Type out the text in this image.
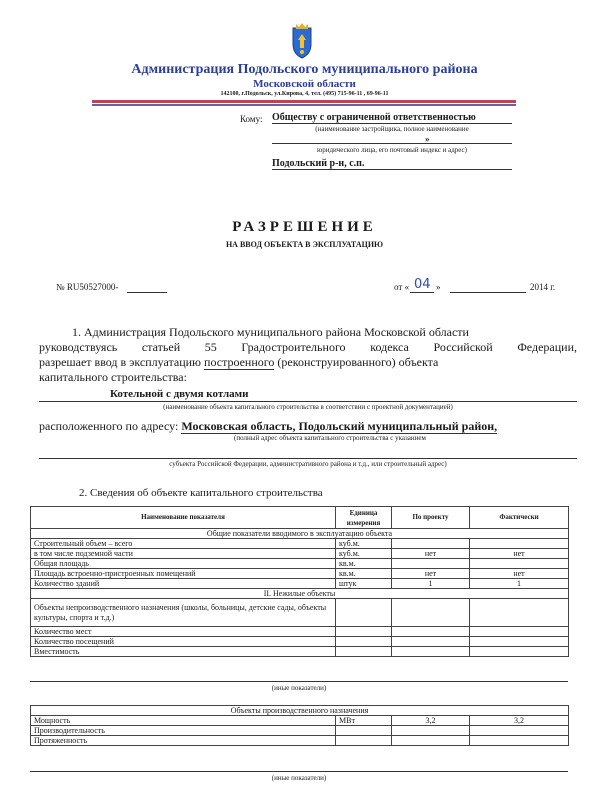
Администрация Подольского муниципального района
Московской области
142100, г.Подольск, ул.Кирова, 4, тел. (495) 715-96-11 , 69-96-11
Кому: Обществу с ограниченной ответственностью
(наименование застройщика, полное наименование
»
юридического лица, его почтовый индекс и адрес)
Подольский р-н, с.п.
РАЗРЕШЕНИЕ
НА ВВОД ОБЪЕКТА В ЭКСПЛУАТАЦИЮ
№ RU50527000-	от « 04 »	2014 г.
1. Администрация Подольского муниципального района Московской области
руководствуясь статьей 55 Градостроительного кодекса Российской Федерации,
разрешает ввод в эксплуатацию построенного (реконструированного) объекта
капитального строительства:
Котельной с двумя котлами
(наименование объекта капитального строительства в соответствии с проектной документацией)
расположенного по адресу: Московская область, Подольский муниципальный район,
(полный адрес объекта капитального строительства с указанием
субъекта Российской Федерации, административного района и т.д., или строительный адрес)
2. Сведения об объекте капитального строительства
Наименование показателя	Единица измерения	По проекту	Фактически
Общие показатели вводимого в эксплуатацию объекта			
Строительный объем – всего	куб.м.		
в том числе подземной части	куб.м.	нет	нет
Общая площадь	кв.м.		
Площадь встроенно-пристроенных помещений	кв.м.	нет	нет
Количество зданий	штук	1	1
II. Нежилые объекты			
Объекты непроизводственного назначения (школы, больницы, детские сады, объекты культуры, спорта и т.д.)			
Количество мест			
Количество посещений			
Вместимость			
(иные показатели)
Объекты производственного назначения			
Мощность	МВт	3,2	3,2
Производительность			
Протяженность			
(иные показатели)
